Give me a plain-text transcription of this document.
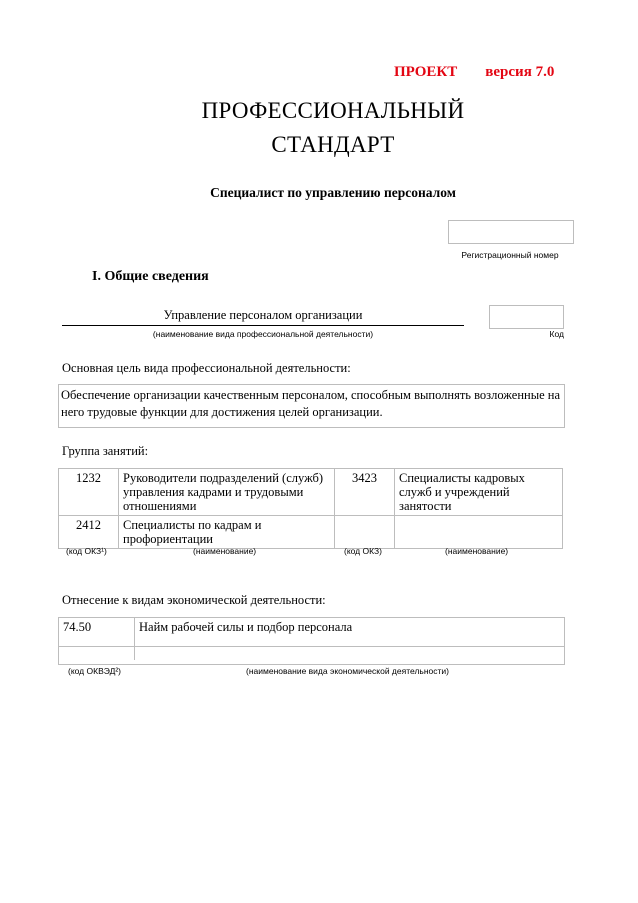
ПРОЕКТ версия 7.0
ПРОФЕССИОНАЛЬНЫЙ
СТАНДАРТ
Специалист по управлению персоналом
Регистрационный номер
I. Общие сведения
Управление персоналом организации
(наименование вида профессиональной деятельности)	Код
Основная цель вида профессиональной деятельности:
Обеспечение организации качественным персоналом, способным выполнять возложенные на него трудовые функции для достижения целей организации.
Группа занятий:
1232	Руководители подразделений (служб) управления кадрами и трудовыми отношениями	3423	Специалисты кадровых служб и учреждений занятости
2412	Специалисты по кадрам и профориентации		
(код ОКЗ¹)	(наименование)	(код ОКЗ)	(наименование)
Отнесение к видам экономической деятельности:
74.50	Найм рабочей силы и подбор персонала
(код ОКВЭД²)	(наименование вида экономической деятельности)
